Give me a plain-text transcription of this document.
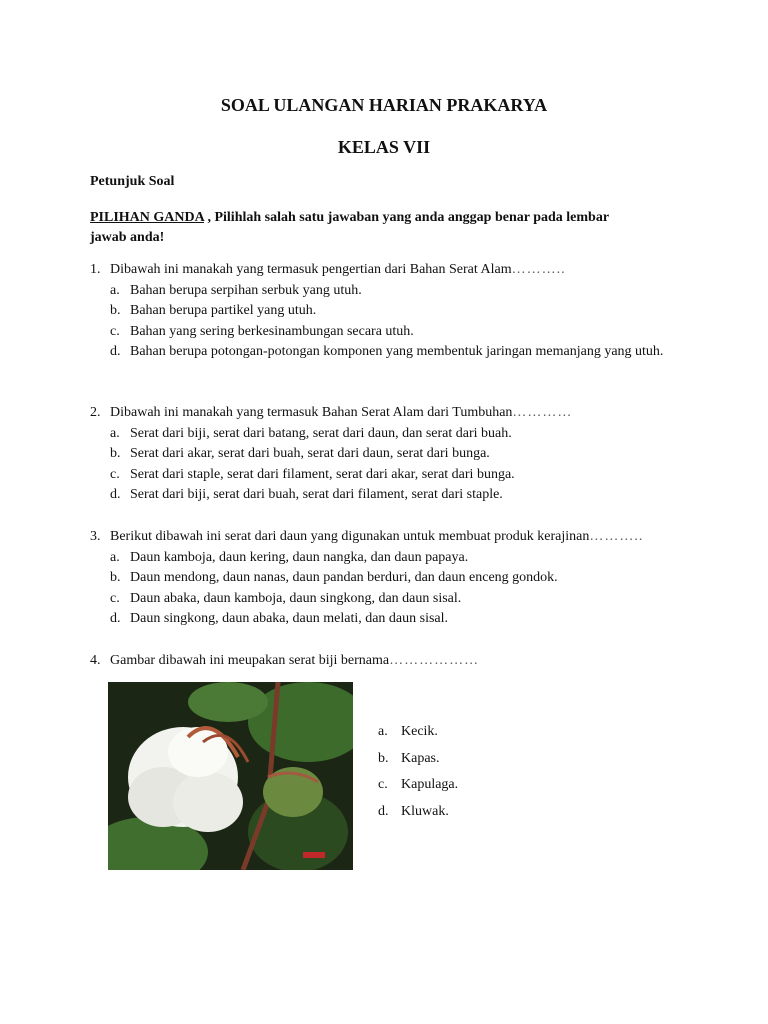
SOAL ULANGAN HARIAN PRAKARYA
KELAS VII
Petunjuk Soal
PILIHAN GANDA , Pilihlah salah satu jawaban yang anda anggap benar pada lembar
jawab anda!
1. Dibawah ini manakah yang termasuk pengertian dari Bahan Serat Alam ………..
a. Bahan berupa serpihan serbuk yang utuh.
b. Bahan berupa partikel yang utuh.
c. Bahan yang sering berkesinambungan secara utuh.
d. Bahan berupa potongan-potongan komponen yang membentuk jaringan memanjang yang utuh.
2. Dibawah ini manakah yang termasuk Bahan Serat Alam dari Tumbuhan …………
a. Serat dari biji, serat dari batang, serat dari daun, dan serat dari buah.
b. Serat dari akar, serat dari buah, serat dari daun, serat dari bunga.
c. Serat dari staple, serat dari filament, serat dari akar, serat dari bunga.
d. Serat dari biji, serat dari buah, serat dari filament, serat dari staple.
3. Berikut dibawah ini serat dari daun yang digunakan untuk membuat produk kerajinan ………..
a. Daun kamboja, daun kering, daun nangka, dan daun papaya.
b. Daun mendong, daun nanas, daun pandan berduri, dan daun enceng gondok.
c. Daun abaka, daun kamboja, daun singkong, dan daun sisal.
d. Daun singkong, daun abaka, daun melati, dan daun sisal.
4. Gambar dibawah ini meupakan serat biji bernama ………………
a. Kecik.
b. Kapas.
c. Kapulaga.
d. Kluwak.
